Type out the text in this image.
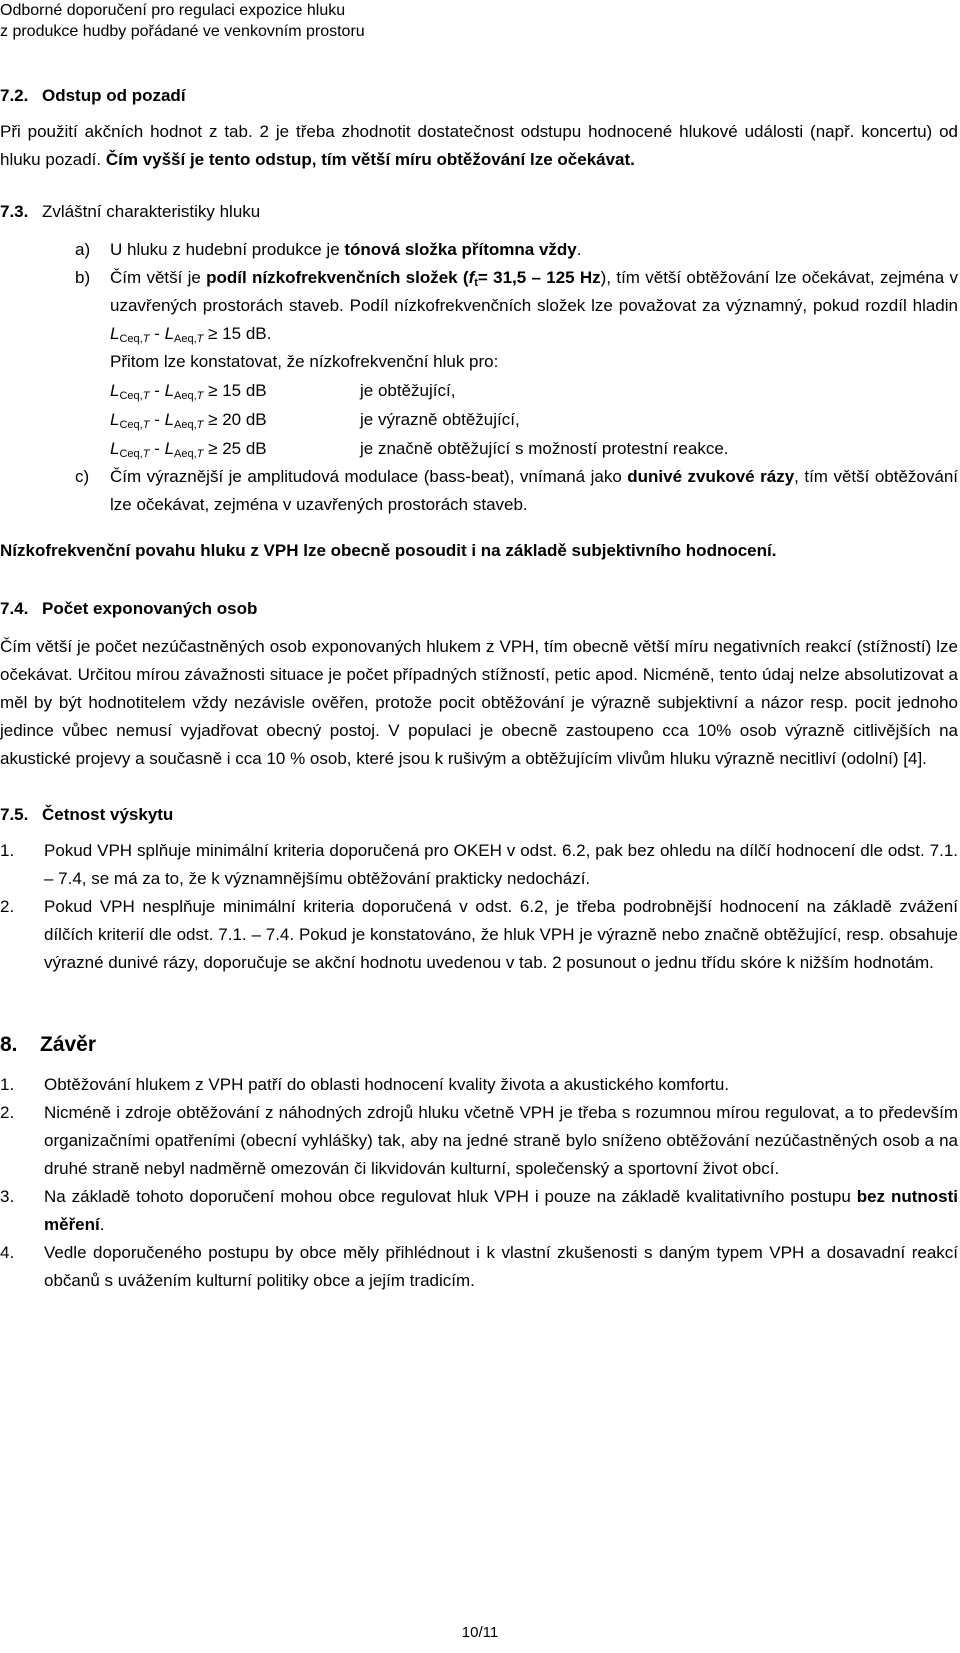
Odborné doporučení pro regulaci expozice hluku
z produkce hudby pořádané ve venkovním prostoru
7.2. Odstup od pozadí

Při použití akčních hodnot z tab. 2 je třeba zhodnotit dostatečnost odstupu hodnocené hlukové události (např. koncertu) od hluku pozadí. Čím vyšší je tento odstup, tím větší míru obtěžování lze očekávat.

7.3. Zvláštní charakteristiky hluku
a) U hluku z hudební produkce je tónová složka přítomna vždy.
b) Čím větší je podíl nízkofrekvenčních složek ($f_t= 31,5 - 125$ Hz), tím větší obtěžování lze očekávat, zejména v uzavřených prostorách staveb. Podíl nízkofrekvenčních složek lze považovat za významný, pokud rozdíl hladin $L_{Ceq,T} - L_{Aeq,T} \ge 15$ dB.
Přitom lze konstatovat, že nízkofrekvenční hluk pro:
$L_{Ceq,T} - L_{Aeq,T} \ge 15$ dB	je obtěžující,
$L_{Ceq,T} - L_{Aeq,T} \ge 20$ dB	je výrazně obtěžující,
$L_{Ceq,T} - L_{Aeq,T} \ge 25$ dB	je značně obtěžující s možností protestní reakce.
c) Čím výraznější je amplitudová modulace (bass-beat), vnímaná jako dunivé zvukové rázy, tím větší obtěžování lze očekávat, zejména v uzavřených prostorách staveb.

Nízkofrekvenční povahu hluku z VPH lze obecně posoudit i na základě subjektivního hodnocení.

7.4. Počet exponovaných osob

Čím větší je počet nezúčastněných osob exponovaných hlukem z VPH, tím obecně větší míru negativních reakcí (stížností) lze očekávat. Určitou mírou závažnosti situace je počet případných stížností, petic apod. Nicméně, tento údaj nelze absolutizovat a měl by být hodnotitelem vždy nezávisle ověřen, protože pocit obtěžování je výrazně subjektivní a názor resp. pocit jednoho jedince vůbec nemusí vyjadřovat obecný postoj. V populaci je obecně zastoupeno cca 10% osob výrazně citlivějších na akustické projevy a současně i cca 10 % osob, které jsou k rušivým a obtěžujícím vlivům hluku výrazně necitliví (odolní) [4].

7.5. Četnost výskytu
1. Pokud VPH splňuje minimální kriteria doporučená pro OKEH v odst. 6.2, pak bez ohledu na dílčí hodnocení dle odst. 7.1. – 7.4, se má za to, že k významnějšímu obtěžování prakticky nedochází.
2. Pokud VPH nesplňuje minimální kriteria doporučená v odst. 6.2, je třeba podrobnější hodnocení na základě zvážení dílčích kriterií dle odst. 7.1. – 7.4. Pokud je konstatováno, že hluk VPH je výrazně nebo značně obtěžující, resp. obsahuje výrazné dunivé rázy, doporučuje se akční hodnotu uvedenou v tab. 2 posunout o jednu třídu skóre k nižším hodnotám.
8. Závěr
1. Obtěžování hlukem z VPH patří do oblasti hodnocení kvality života a akustického komfortu.
2. Nicméně i zdroje obtěžování z náhodných zdrojů hluku včetně VPH je třeba s rozumnou mírou regulovat, a to především organizačními opatřeními (obecní vyhlášky) tak, aby na jedné straně bylo sníženo obtěžování nezúčastněných osob a na druhé straně nebyl nadměrně omezován či likvidován kulturní, společenský a sportovní život obcí.
3. Na základě tohoto doporučení mohou obce regulovat hluk VPH i pouze na základě kvalitativního postupu bez nutnosti měření.
4. Vedle doporučeného postupu by obce měly přihlédnout i k vlastní zkušenosti s daným typem VPH a dosavadní reakcí občanů s uvážením kulturní politiky obce a jejím tradicím.
10/11
